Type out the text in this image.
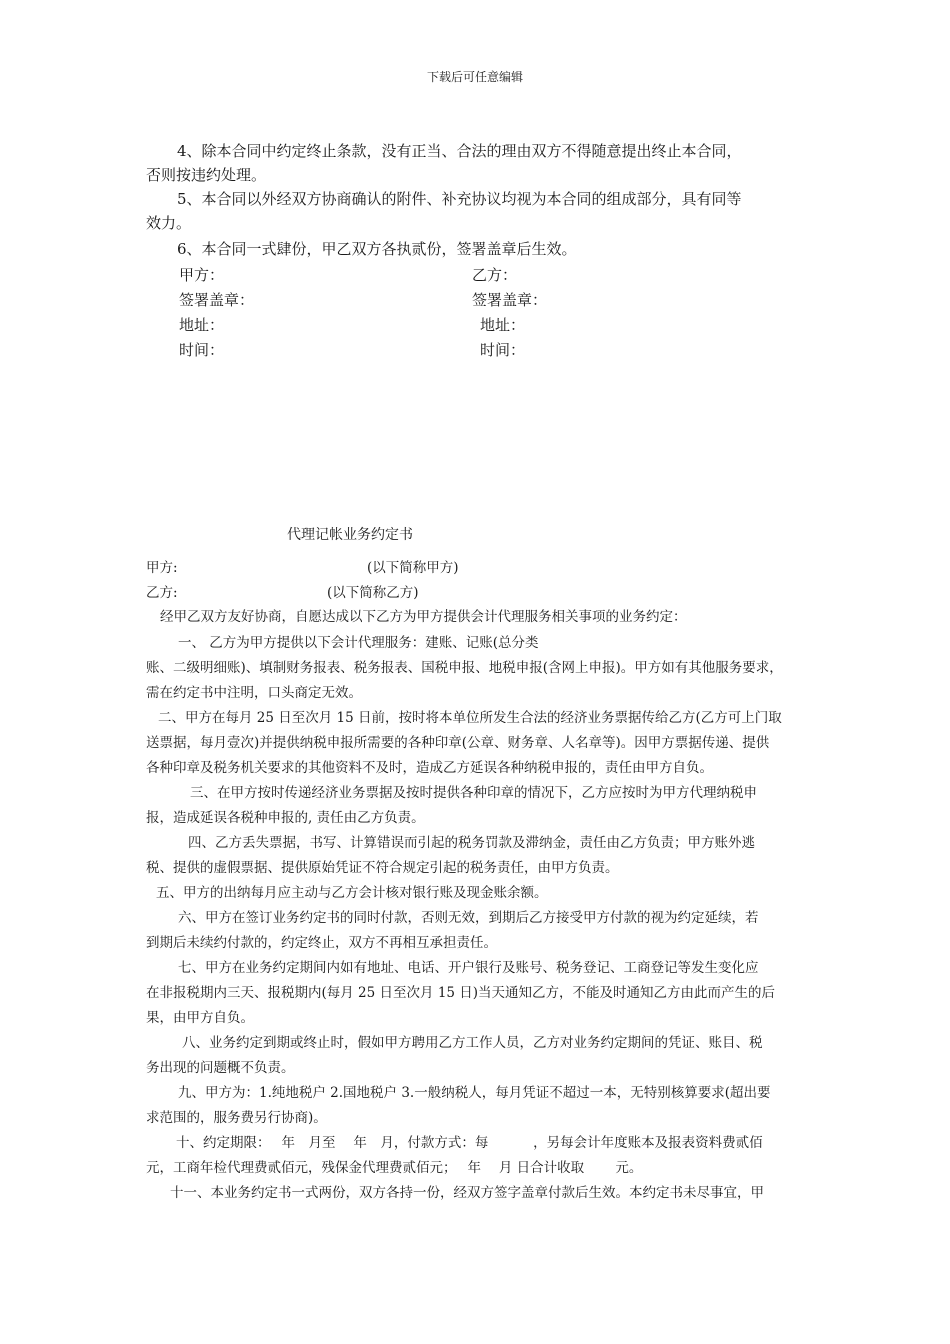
下载后可任意编辑
4、除本合同中约定终止条款，没有正当、合法的理由双方不得随意提出终止本合同，
否则按违约处理。
5、本合同以外经双方协商确认的附件、补充协议均视为本合同的组成部分，具有同等
效力。
6、本合同一式肆份，甲乙双方各执贰份，签署盖章后生效。
甲方：	乙方：
签署盖章：	签署盖章：
地址：	地址：
时间：	时间：
代理记帐业务约定书
甲方:	(以下简称甲方)
乙方:	(以下简称乙方)
经甲乙双方友好协商，自愿达成以下乙方为甲方提供会计代理服务相关事项的业务约定：
一、 乙方为甲方提供以下会计代理服务：建账、记账(总分类
账、二级明细账)、填制财务报表、税务报表、国税申报、地税申报(含网上申报)。甲方如有其他服务要求，
需在约定书中注明，口头商定无效。
二、甲方在每月 25 日至次月 15 日前，按时将本单位所发生合法的经济业务票据传给乙方(乙方可上门取
送票据，每月壹次)并提供纳税申报所需要的各种印章(公章、财务章、人名章等)。因甲方票据传递、提供
各种印章及税务机关要求的其他资料不及时，造成乙方延误各种纳税申报的，责任由甲方自负。
三、在甲方按时传递经济业务票据及按时提供各种印章的情况下，乙方应按时为甲方代理纳税申
报，造成延误各税种申报的, 责任由乙方负责。
四、乙方丢失票据，书写、计算错误而引起的税务罚款及滞纳金，责任由乙方负责；甲方账外逃
税、提供的虚假票据、提供原始凭证不符合规定引起的税务责任，由甲方负责。
五、甲方的出纳每月应主动与乙方会计核对银行账及现金账余额。
六、甲方在签订业务约定书的同时付款，否则无效，到期后乙方接受甲方付款的视为约定延续，若
到期后未续约付款的，约定终止，双方不再相互承担责任。
七、甲方在业务约定期间内如有地址、电话、开户银行及账号、税务登记、工商登记等发生变化应
在非报税期内三天、报税期内(每月 25 日至次月 15 日)当天通知乙方，不能及时通知乙方由此而产生的后
果，由甲方自负。
八、业务约定到期或终止时，假如甲方聘用乙方工作人员，乙方对业务约定期间的凭证、账目、税
务出现的问题概不负责。
九、甲方为：1.纯地税户 2.国地税户 3.一般纳税人，每月凭证不超过一本，无特别核算要求(超出要
求范围的，服务费另行协商)。
十、约定期限：　 年　月至　 年　月，付款方式：每　　　 ，另每会计年度账本及报表资料费贰佰
元，工商年检代理费贰佰元，残保金代理费贰佰元；　 年　 月 日合计收取　　 元。
十一、本业务约定书一式两份，双方各持一份，经双方签字盖章付款后生效。本约定书未尽事宜，甲
